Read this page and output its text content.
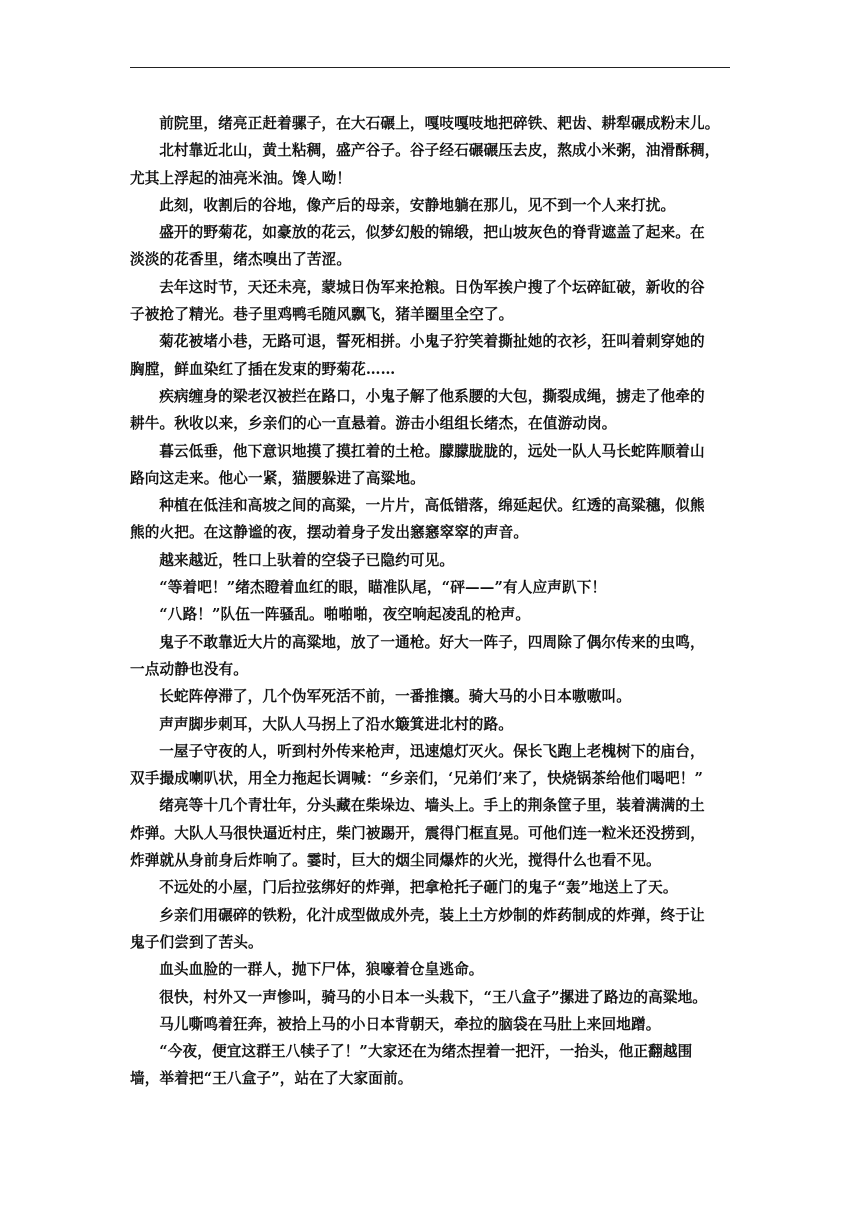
前院里，绪亮正赶着骡子，在大石碾上，嘎吱嘎吱地把碎铁、耙齿、耕犁碾成粉末儿。

北村靠近北山，黄土粘稠，盛产谷子。谷子经石碾碾压去皮，熬成小米粥，油滑酥稠，
尤其上浮起的油亮米油。馋人呦！

此刻，收割后的谷地，像产后的母亲，安静地躺在那儿，见不到一个人来打扰。

盛开的野菊花，如豪放的花云，似梦幻般的锦缎，把山坡灰色的脊背遮盖了起来。在
淡淡的花香里，绪杰嗅出了苦涩。

去年这时节，天还未亮，蒙城日伪军来抢粮。日伪军挨户搜了个坛碎缸破，新收的谷
子被抢了精光。巷子里鸡鸭毛随风飘飞，猪羊圈里全空了。

菊花被堵小巷，无路可退，誓死相拼。小鬼子狞笑着撕扯她的衣衫，狂叫着刺穿她的
胸膛，鲜血染红了插在发束的野菊花……

疾病缠身的梁老汉被拦在路口，小鬼子解了他系腰的大包，撕裂成绳，掳走了他牵的
耕牛。秋收以来，乡亲们的心一直悬着。游击小组组长绪杰，在值游动岗。

暮云低垂，他下意识地摸了摸扛着的土枪。朦朦胧胧的，远处一队人马长蛇阵顺着山
路向这走来。他心一紧，猫腰躲进了高粱地。

种植在低洼和高坡之间的高粱，一片片，高低错落，绵延起伏。红透的高粱穗，似熊
熊的火把。在这静谧的夜，摆动着身子发出窸窸窣窣的声音。

越来越近，牲口上驮着的空袋子已隐约可见。

“等着吧！”绪杰瞪着血红的眼，瞄准队尾，“砰——”有人应声趴下！

“八路！”队伍一阵骚乱。啪啪啪，夜空响起凌乱的枪声。

鬼子不敢靠近大片的高粱地，放了一通枪。好大一阵子，四周除了偶尔传来的虫鸣，
一点动静也没有。

长蛇阵停滞了，几个伪军死活不前，一番推攘。骑大马的小日本嗷嗷叫。

声声脚步刺耳，大队人马拐上了沿水簸箕进北村的路。

一屋子守夜的人，听到村外传来枪声，迅速熄灯灭火。保长飞跑上老槐树下的庙台，
双手撮成喇叭状，用全力拖起长调喊：“乡亲们，‘兄弟们’来了，快烧锅茶给他们喝吧！”

绪亮等十几个青壮年，分头藏在柴垛边、墙头上。手上的荆条筐子里，装着满满的土
炸弹。大队人马很快逼近村庄，柴门被踢开，震得门框直晃。可他们连一粒米还没捞到，
炸弹就从身前身后炸响了。霎时，巨大的烟尘同爆炸的火光，搅得什么也看不见。

不远处的小屋，门后拉弦绑好的炸弹，把拿枪托子砸门的鬼子“轰”地送上了天。

乡亲们用碾碎的铁粉，化汁成型做成外壳，装上土方炒制的炸药制成的炸弹，终于让
鬼子们尝到了苦头。

血头血脸的一群人，抛下尸体，狼嚎着仓皇逃命。

很快，村外又一声惨叫，骑马的小日本一头栽下，“王八盒子”摞进了路边的高粱地。

马儿嘶鸣着狂奔，被拾上马的小日本背朝天，牵拉的脑袋在马肚上来回地蹭。

“今夜，便宜这群王八犊子了！”大家还在为绪杰捏着一把汗，一抬头，他正翻越围
墙，举着把“王八盒子”，站在了大家面前。
